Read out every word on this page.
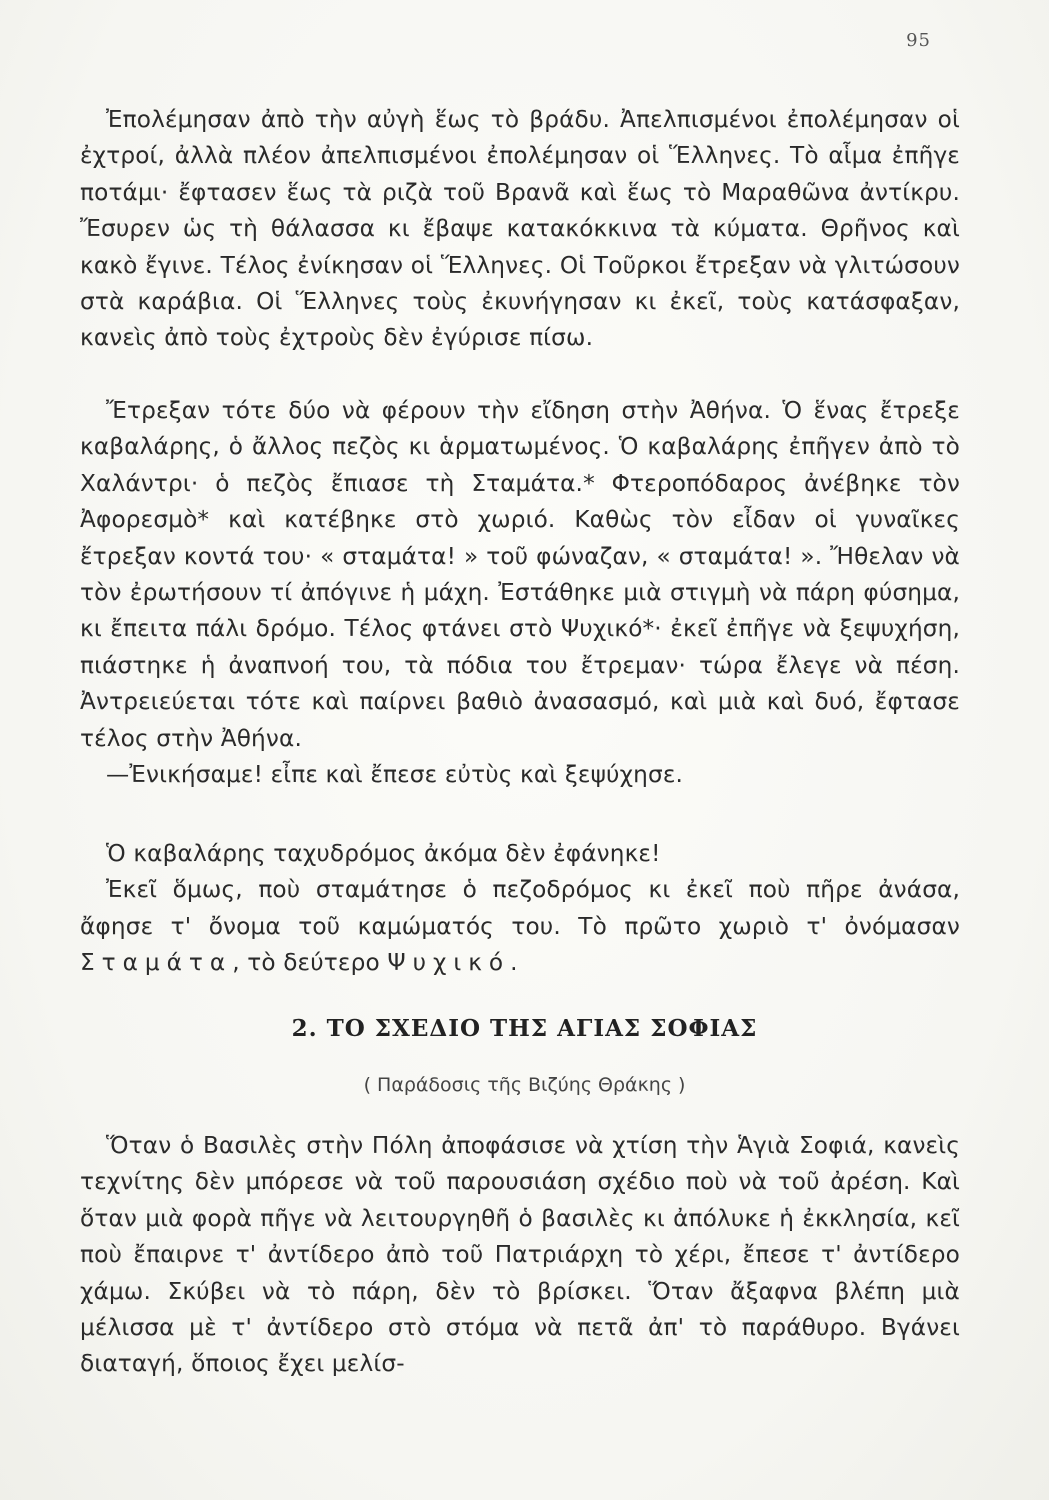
95

Ἐπολέμησαν ἀπὸ τὴν αὐγὴ ἕως τὸ βράδυ. Ἀπελπισμένοι ἐπολέμησαν οἱ ἐχτροί, ἀλλὰ πλέον ἀπελπισμένοι ἐπολέμησαν οἱ Ἕλληνες. Τὸ αἷμα ἐπῆγε ποτάμι· ἔφτασεν ἕως τὰ ριζὰ τοῦ Βρανᾶ καὶ ἕως τὸ Μαραθῶνα ἀντίκρυ. Ἔσυρεν ὡς τὴ θάλασσα κι ἔβαψε κατακόκκινα τὰ κύματα. Θρῆνος καὶ κακὸ ἔγινε. Τέλος ἐνίκησαν οἱ Ἕλληνες. Οἱ Τοῦρκοι ἔτρεξαν νὰ γλιτώσουν στὰ καράβια. Οἱ Ἕλληνες τοὺς ἐκυνήγησαν κι ἐκεῖ, τοὺς κατάσφαξαν, κανεὶς ἀπὸ τοὺς ἐχτροὺς δὲν ἐγύρισε πίσω.

Ἔτρεξαν τότε δύο νὰ φέρουν τὴν εἴδηση στὴν Ἀθήνα. Ὁ ἕνας ἔτρεξε καβαλάρης, ὁ ἄλλος πεζὸς κι ἁρματωμένος. Ὁ καβαλάρης ἐπῆγεν ἀπὸ τὸ Χαλάντρι· ὁ πεζὸς ἔπιασε τὴ Σταμάτα.* Φτεροπόδαρος ἀνέβηκε τὸν Ἀφορεσμὸ* καὶ κατέβηκε στὸ χωριό. Καθὼς τὸν εἶδαν οἱ γυναῖκες ἔτρεξαν κοντά του· « σταμάτα! » τοῦ φώναζαν, « σταμάτα! ». Ἤθελαν νὰ τὸν ἐρωτήσουν τί ἀπόγινε ἡ μάχη. Ἐστάθηκε μιὰ στιγμὴ νὰ πάρη φύσημα, κι ἔπειτα πάλι δρόμο. Τέλος φτάνει στὸ Ψυχικό*· ἐκεῖ ἐπῆγε νὰ ξεψυχήση, πιάστηκε ἡ ἀναπνοή του, τὰ πόδια του ἔτρεμαν· τώρα ἔλεγε νὰ πέση. Ἀντρειεύεται τότε καὶ παίρνει βαθιὸ ἀνασασμό, καὶ μιὰ καὶ δυό, ἔφτασε τέλος στὴν Ἀθήνα.

—Ἐνικήσαμε! εἶπε καὶ ἔπεσε εὐτὺς καὶ ξεψύχησε.

Ὁ καβαλάρης ταχυδρόμος ἀκόμα δὲν ἐφάνηκε!

Ἐκεῖ ὅμως, ποὺ σταμάτησε ὁ πεζοδρόμος κι ἐκεῖ ποὺ πῆρε ἀνάσα, ἄφησε τ' ὄνομα τοῦ καμώματός του. Τὸ πρῶτο χωριὸ τ' ὀνόμασαν Σταμάτα, τὸ δεύτερο Ψυχικό.

2. ΤΟ ΣΧΕΔΙΟ ΤΗΣ ΑΓΙΑΣ ΣΟΦΙΑΣ
( Παράδοσις τῆς Βιζύης Θράκης )

Ὅταν ὁ Βασιλὲς στὴν Πόλη ἀποφάσισε νὰ χτίση τὴν Ἁγιὰ Σοφιά, κανεὶς τεχνίτης δὲν μπόρεσε νὰ τοῦ παρουσιάση σχέδιο ποὺ νὰ τοῦ ἀρέση. Καὶ ὅταν μιὰ φορὰ πῆγε νὰ λειτουργηθῆ ὁ βασιλὲς κι ἀπόλυκε ἡ ἐκκλησία, κεῖ ποὺ ἔπαιρνε τ' ἀντίδερο ἀπὸ τοῦ Πατριάρχη τὸ χέρι, ἔπεσε τ' ἀντίδερο χάμω. Σκύβει νὰ τὸ πάρη, δὲν τὸ βρίσκει. Ὅταν ἄξαφνα βλέπη μιὰ μέλισσα μὲ τ' ἀντίδερο στὸ στόμα νὰ πετᾶ ἀπ' τὸ παράθυρο. Βγάνει διαταγή, ὅποιος ἔχει μελίσ-
